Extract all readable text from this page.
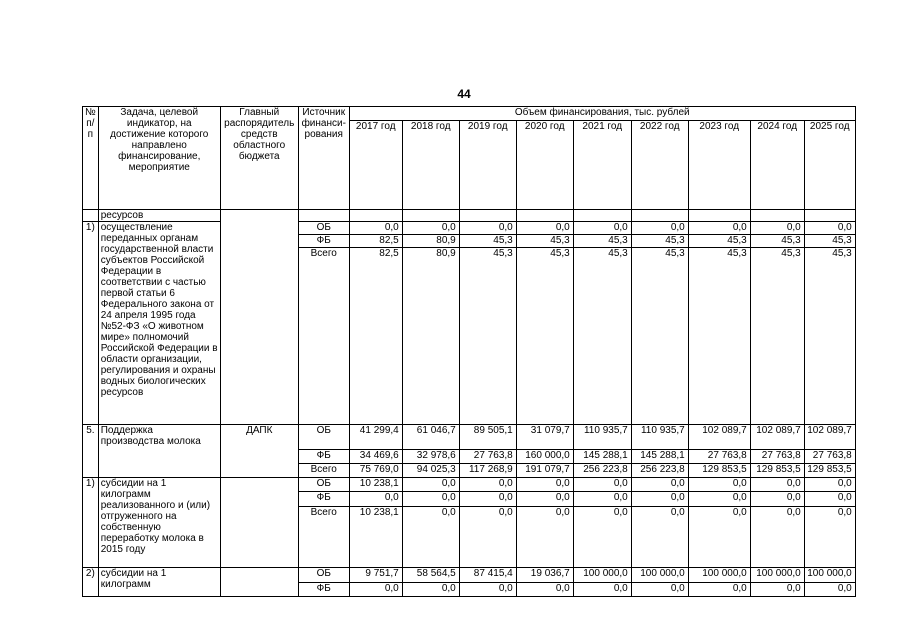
44
№ п/п	Задача, целевой индикатор, на достижение которого направлено финансирование, мероприятие	Главный распорядитель средств областного бюджета	Источник финанси-рования	Объем финансирования, тыс. рублей								
				2017 год	2018 год	2019 год	2020 год	2021 год	2022 год	2023 год	2024 год	2025 год
	ресурсов											
1)	осуществление переданных органам государственной власти субъектов Российской Федерации в соответствии с частью первой статьи 6 Федерального закона от 24 апреля 1995 года №52-ФЗ «О животном мире» полномочий Российской Федерации в области организации, регулирования и охраны водных биологических ресурсов		ОБ	0,0	0,0	0,0	0,0	0,0	0,0	0,0	0,0	0,0
			ФБ	82,5	80,9	45,3	45,3	45,3	45,3	45,3	45,3	45,3
			Всего	82,5	80,9	45,3	45,3	45,3	45,3	45,3	45,3	45,3
5.	Поддержка производства молока	ДАПК	ОБ	41 299,4	61 046,7	89 505,1	31 079,7	110 935,7	110 935,7	102 089,7	102 089,7	102 089,7
			ФБ	34 469,6	32 978,6	27 763,8	160 000,0	145 288,1	145 288,1	27 763,8	27 763,8	27 763,8
			Всего	75 769,0	94 025,3	117 268,9	191 079,7	256 223,8	256 223,8	129 853,5	129 853,5	129 853,5
1)	субсидии на 1 килограмм реализованного и (или) отгруженного на собственную переработку молока в 2015 году		ОБ	10 238,1	0,0	0,0	0,0	0,0	0,0	0,0	0,0	0,0
			ФБ	0,0	0,0	0,0	0,0	0,0	0,0	0,0	0,0	0,0
			Всего	10 238,1	0,0	0,0	0,0	0,0	0,0	0,0	0,0	0,0
2)	субсидии на 1 килограмм		ОБ	9 751,7	58 564,5	87 415,4	19 036,7	100 000,0	100 000,0	100 000,0	100 000,0	100 000,0
			ФБ	0,0	0,0	0,0	0,0	0,0	0,0	0,0	0,0	0,0
